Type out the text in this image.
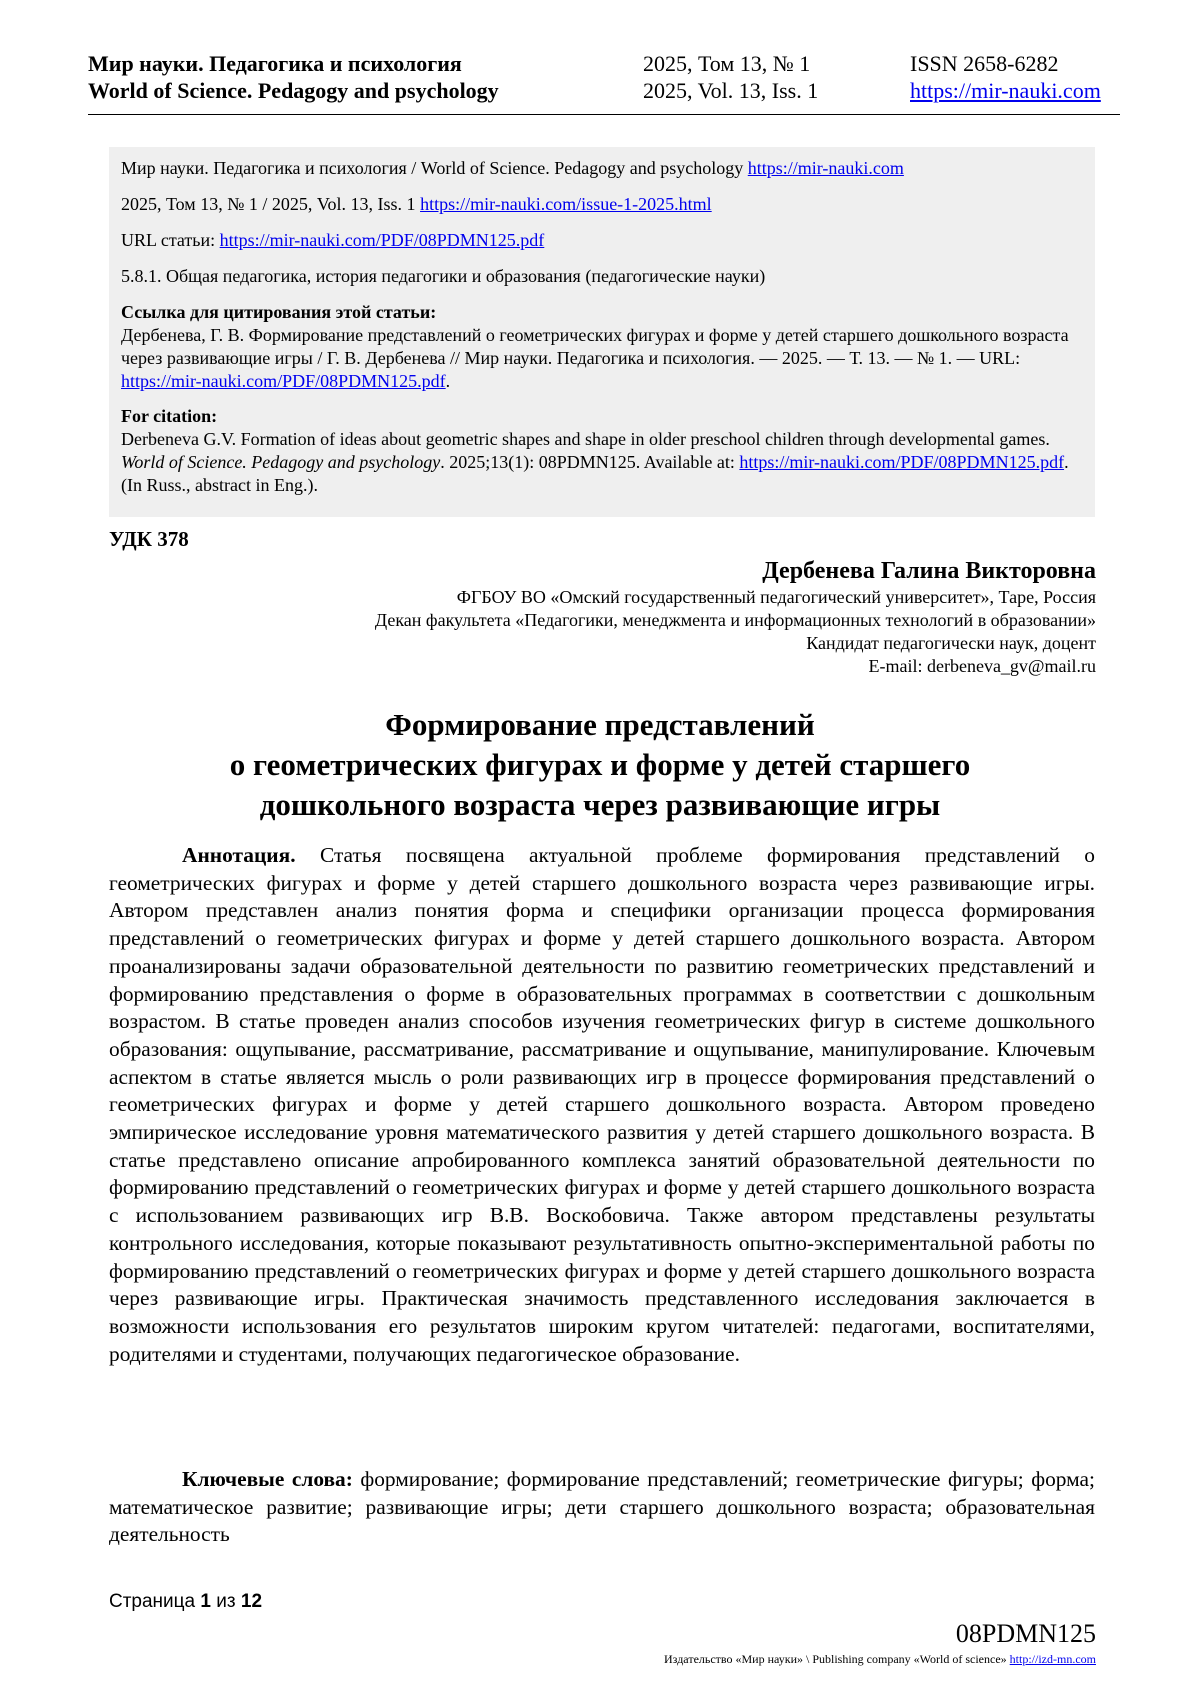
Мир науки. Педагогика и психология
World of Science. Pedagogy and psychology
2025, Том 13, № 1
2025, Vol. 13, Iss. 1
ISSN 2658-6282
https://mir-nauki.com

Мир науки. Педагогика и психология / World of Science. Pedagogy and psychology https://mir-nauki.com

2025, Том 13, № 1 / 2025, Vol. 13, Iss. 1 https://mir-nauki.com/issue-1-2025.html

URL статьи: https://mir-nauki.com/PDF/08PDMN125.pdf

5.8.1. Общая педагогика, история педагогики и образования (педагогические науки)

Ссылка для цитирования этой статьи:
Дербенева, Г. В. Формирование представлений о геометрических фигурах и форме у детей старшего дошкольного возраста через развивающие игры / Г. В. Дербенева // Мир науки. Педагогика и психология. — 2025. — Т. 13. — № 1. — URL: https://mir-nauki.com/PDF/08PDMN125.pdf.
For citation:
Derbeneva G.V. Formation of ideas about geometric shapes and shape in older preschool children through developmental games. World of Science. Pedagogy and psychology. 2025;13(1): 08PDMN125. Available at: https://mir-nauki.com/PDF/08PDMN125.pdf. (In Russ., abstract in Eng.).
УДК 378
Дербенева Галина Викторовна
ФГБОУ ВО «Омский государственный педагогический университет», Таре, Россия
Декан факультета «Педагогики, менеджмента и информационных технологий в образовании»
Кандидат педагогически наук, доцент
E-mail: derbeneva_gv@mail.ru
Формирование представлений
о геометрических фигурах и форме у детей старшего
дошкольного возраста через развивающие игры

Аннотация. Статья посвящена актуальной проблеме формирования представлений о геометрических фигурах и форме у детей старшего дошкольного возраста через развивающие игры. Автором представлен анализ понятия форма и специфики организации процесса формирования представлений о геометрических фигурах и форме у детей старшего дошкольного возраста. Автором проанализированы задачи образовательной деятельности по развитию геометрических представлений и формированию представления о форме в образовательных программах в соответствии с дошкольным возрастом. В статье проведен анализ способов изучения геометрических фигур в системе дошкольного образования: ощупывание, рассматривание, рассматривание и ощупывание, манипулирование. Ключевым аспектом в статье является мысль о роли развивающих игр в процессе формирования представлений о геометрических фигурах и форме у детей старшего дошкольного возраста. Автором проведено эмпирическое исследование уровня математического развития у детей старшего дошкольного возраста. В статье представлено описание апробированного комплекса занятий образовательной деятельности по формированию представлений о геометрических фигурах и форме у детей старшего дошкольного возраста с использованием развивающих игр В.В. Воскобовича. Также автором представлены результаты контрольного исследования, которые показывают результативность опытно-экспериментальной работы по формированию представлений о геометрических фигурах и форме у детей старшего дошкольного возраста через развивающие игры. Практическая значимость представленного исследования заключается в возможности использования его результатов широким кругом читателей: педагогами, воспитателями, родителями и студентами, получающих педагогическое образование.

Ключевые слова: формирование; формирование представлений; геометрические фигуры; форма; математическое развитие; развивающие игры; дети старшего дошкольного возраста; образовательная деятельность

Страница 1 из 12
08PDMN125
Издательство «Мир науки» \ Publishing company «World of science» http://izd-mn.com
